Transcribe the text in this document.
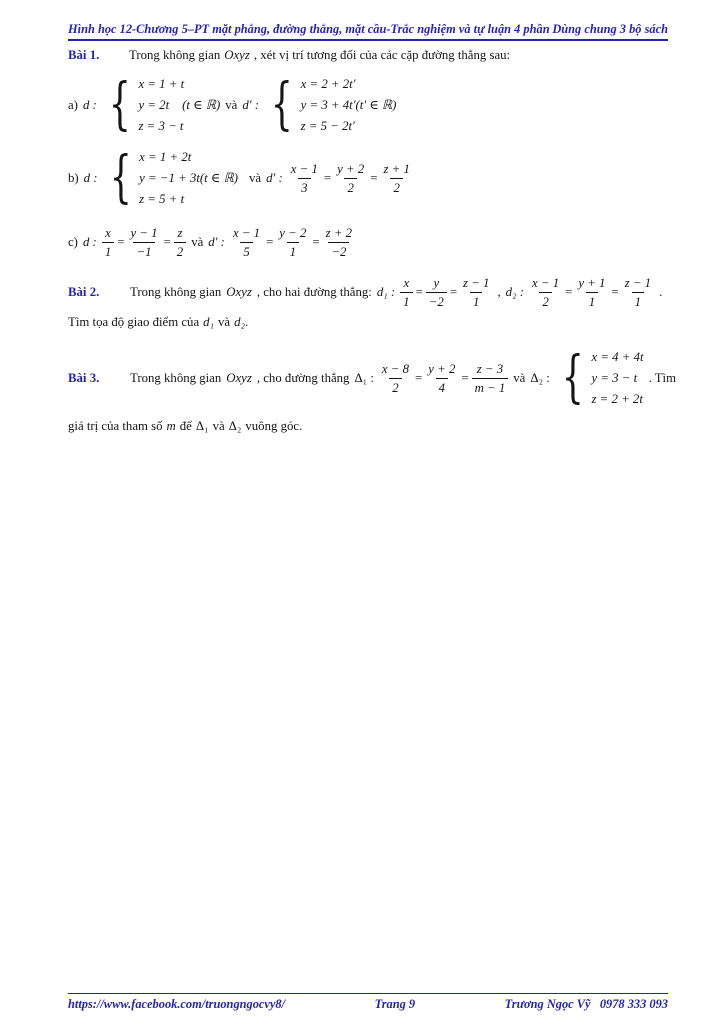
Hình học 12-Chương 5–PT mặt phẳng, đường thẳng, mặt cầu-Trắc nghiệm và tự luận 4 phần Dùng chung 3 bộ sách
Bài 1.	Trong không gian Oxyz , xét vị trí tương đối của các cặp đường thẳng sau:
a) d : { x = 1 + t
y = 2t (t ∈ ℝ)
z = 3 − t
và d′ : { x = 2 + 2t′
y = 3 + 4t′(t′ ∈ ℝ)
z = 5 − 2t′
b) d : { x = 1 + 2t
y = −1 + 3t(t ∈ ℝ)
z = 5 + t
và d′ : $\frac{x - 1}{3} = \frac{y + 2}{2} = \frac{z + 1}{2}$
c) d : $\frac{x}{1} = \frac{y - 1}{-1} = \frac{z}{2}$ và d′ : $\frac{x - 1}{5} = \frac{y - 2}{1} = \frac{z + 2}{-2}$
Bài 2.	Trong không gian Oxyz , cho hai đường thẳng: d₁ : $\frac{x}{1} = \frac{y}{-2} = \frac{z - 1}{1}$ , d₂ : $\frac{x - 1}{2} = \frac{y + 1}{1} = \frac{z - 1}{1}$ .
Tìm tọa độ giao điểm của d₁ và d₂ .
Bài 3.	Trong không gian Oxyz , cho đường thẳng Δ₁ : $\frac{x - 8}{2} = \frac{y + 2}{4} = \frac{z - 3}{m - 1}$ và Δ₂ : { x = 4 + 4t
y = 3 − t
z = 2 + 2t
. Tìm
giá trị của tham số m để Δ₁ và Δ₂ vuông góc.
https://www.facebook.com/truongngocvy8/	Trang 9	Trương Ngọc Vỹ   0978 333 093
